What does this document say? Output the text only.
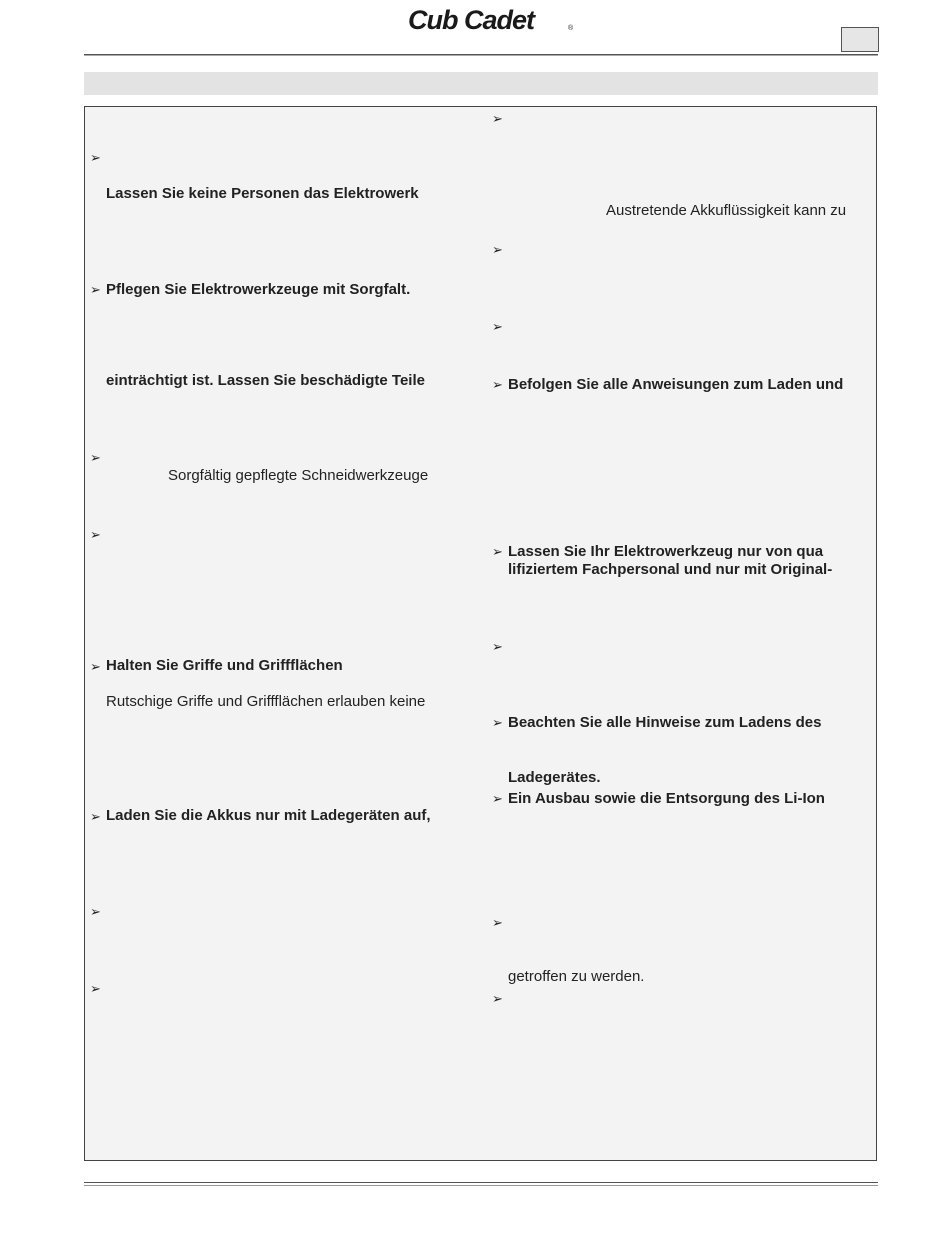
Cub Cadet	®
➢
➢
➢
➢
➢
➢
➢
➢
Lassen Sie keine Personen das Elektrowerk
Pflegen Sie Elektrowerkzeuge mit Sorgfalt.
einträchtigt ist. Lassen Sie beschädigte Teile
Sorgfältig gepflegte Schneidwerkzeuge
Halten Sie Griffe und Griffflächen
Rutschige Griffe und Griffflächen erlauben keine
Laden Sie die Akkus nur mit Ladegeräten auf,
➢
➢
➢
➢
➢
➢
➢
➢
➢
➢
Austretende Akkuflüssigkeit kann zu
Befolgen Sie alle Anweisungen zum Laden und
Lassen Sie Ihr Elektrowerkzeug nur von qua
lifiziertem Fachpersonal und nur mit Original-
Beachten Sie alle Hinweise zum Ladens des
Ladegerätes.
Ein Ausbau sowie die Entsorgung des Li-Ion
getroffen zu werden.
